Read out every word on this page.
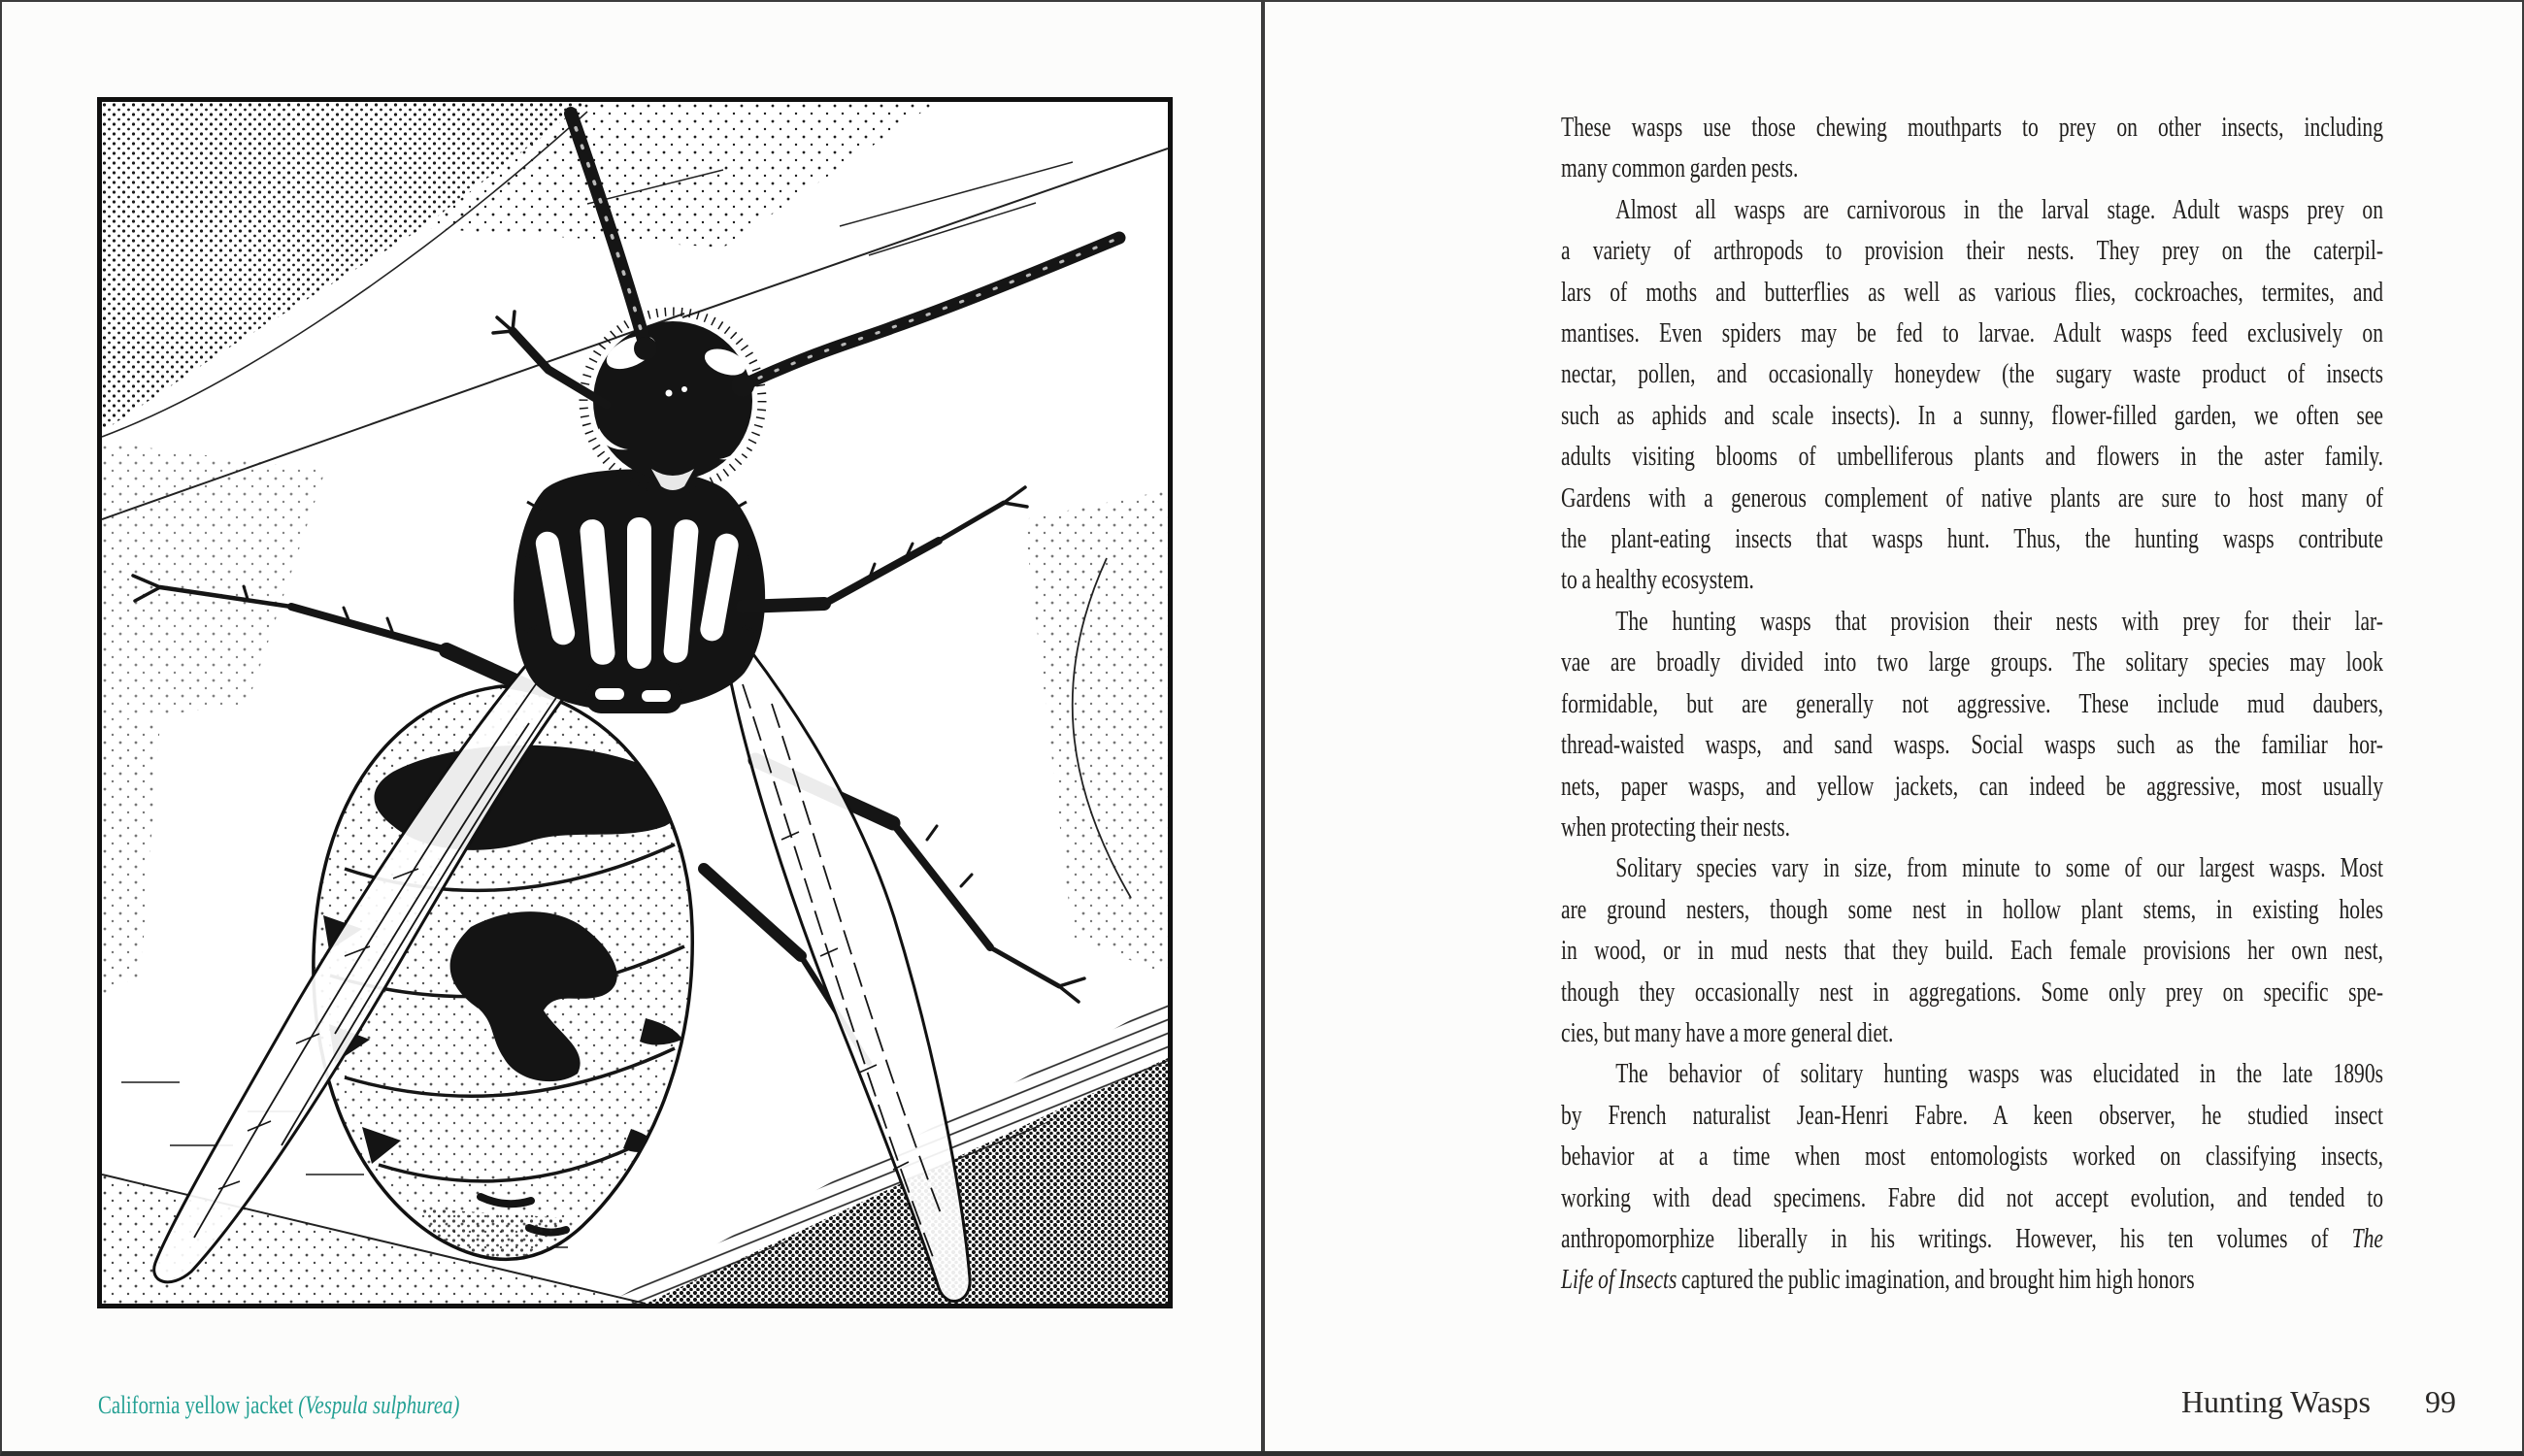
California yellow jacket (Vespula sulphurea)
These wasps use those chewing mouthparts to prey on other insects, including
many common garden pests.
Almost all wasps are carnivorous in the larval stage. Adult wasps prey on
a variety of arthropods to provision their nests. They prey on the caterpil-
lars of moths and butterflies as well as various flies, cockroaches, termites, and
mantises. Even spiders may be fed to larvae. Adult wasps feed exclusively on
nectar, pollen, and occasionally honeydew (the sugary waste product of insects
such as aphids and scale insects). In a sunny, flower-filled garden, we often see
adults visiting blooms of umbelliferous plants and flowers in the aster family.
Gardens with a generous complement of native plants are sure to host many of
the plant-eating insects that wasps hunt. Thus, the hunting wasps contribute
to a healthy ecosystem.
The hunting wasps that provision their nests with prey for their lar-
vae are broadly divided into two large groups. The solitary species may look
formidable, but are generally not aggressive. These include mud daubers,
thread-waisted wasps, and sand wasps. Social wasps such as the familiar hor-
nets, paper wasps, and yellow jackets, can indeed be aggressive, most usually
when protecting their nests.
Solitary species vary in size, from minute to some of our largest wasps. Most
are ground nesters, though some nest in hollow plant stems, in existing holes
in wood, or in mud nests that they build. Each female provisions her own nest,
though they occasionally nest in aggregations. Some only prey on specific spe-
cies, but many have a more general diet.
The behavior of solitary hunting wasps was elucidated in the late 1890s
by French naturalist Jean-Henri Fabre. A keen observer, he studied insect
behavior at a time when most entomologists worked on classifying insects,
working with dead specimens. Fabre did not accept evolution, and tended to
anthropomorphize liberally in his writings. However, his ten volumes of The
Life of Insects captured the public imagination, and brought him high honors
Hunting Wasps 99
